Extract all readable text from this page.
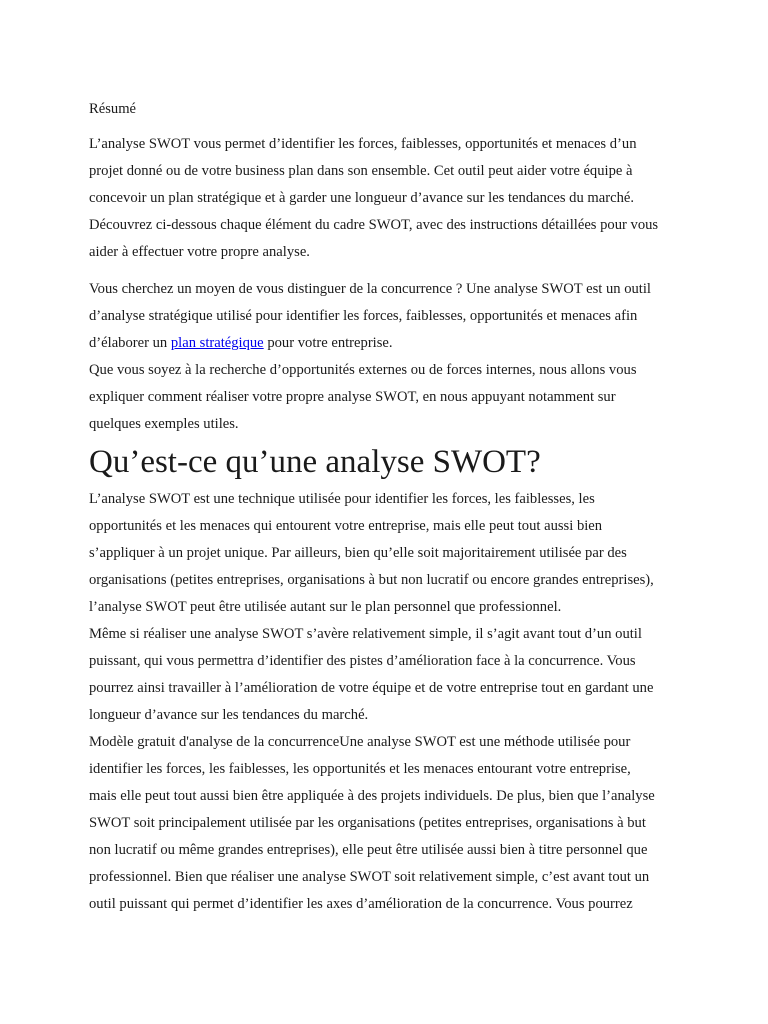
Résumé

L’analyse SWOT vous permet d’identifier les forces, faiblesses, opportunités et menaces d’un

projet donné ou de votre business plan dans son ensemble. Cet outil peut aider votre équipe à

concevoir un plan stratégique et à garder une longueur d’avance sur les tendances du marché.

Découvrez ci-dessous chaque élément du cadre SWOT, avec des instructions détaillées pour vous

aider à effectuer votre propre analyse.

Vous cherchez un moyen de vous distinguer de la concurrence ? Une analyse SWOT est un outil

d’analyse stratégique utilisé pour identifier les forces, faiblesses, opportunités et menaces afin

d’élaborer un plan stratégique pour votre entreprise.

Que vous soyez à la recherche d’opportunités externes ou de forces internes, nous allons vous

expliquer comment réaliser votre propre analyse SWOT, en nous appuyant notamment sur

quelques exemples utiles.

Qu’est-ce qu’une analyse SWOT?

L’analyse SWOT est une technique utilisée pour identifier les forces, les faiblesses, les

opportunités et les menaces qui entourent votre entreprise, mais elle peut tout aussi bien

s’appliquer à un projet unique. Par ailleurs, bien qu’elle soit majoritairement utilisée par des

organisations (petites entreprises, organisations à but non lucratif ou encore grandes entreprises),

l’analyse SWOT peut être utilisée autant sur le plan personnel que professionnel.

Même si réaliser une analyse SWOT s’avère relativement simple, il s’agit avant tout d’un outil

puissant, qui vous permettra d’identifier des pistes d’amélioration face à la concurrence. Vous

pourrez ainsi travailler à l’amélioration de votre équipe et de votre entreprise tout en gardant une

longueur d’avance sur les tendances du marché.

Modèle gratuit d'analyse de la concurrenceUne analyse SWOT est une méthode utilisée pour

identifier les forces, les faiblesses, les opportunités et les menaces entourant votre entreprise,

mais elle peut tout aussi bien être appliquée à des projets individuels. De plus, bien que l’analyse

SWOT soit principalement utilisée par les organisations (petites entreprises, organisations à but

non lucratif ou même grandes entreprises), elle peut être utilisée aussi bien à titre personnel que

professionnel. Bien que réaliser une analyse SWOT soit relativement simple, c’est avant tout un

outil puissant qui permet d’identifier les axes d’amélioration de la concurrence. Vous pourrez
